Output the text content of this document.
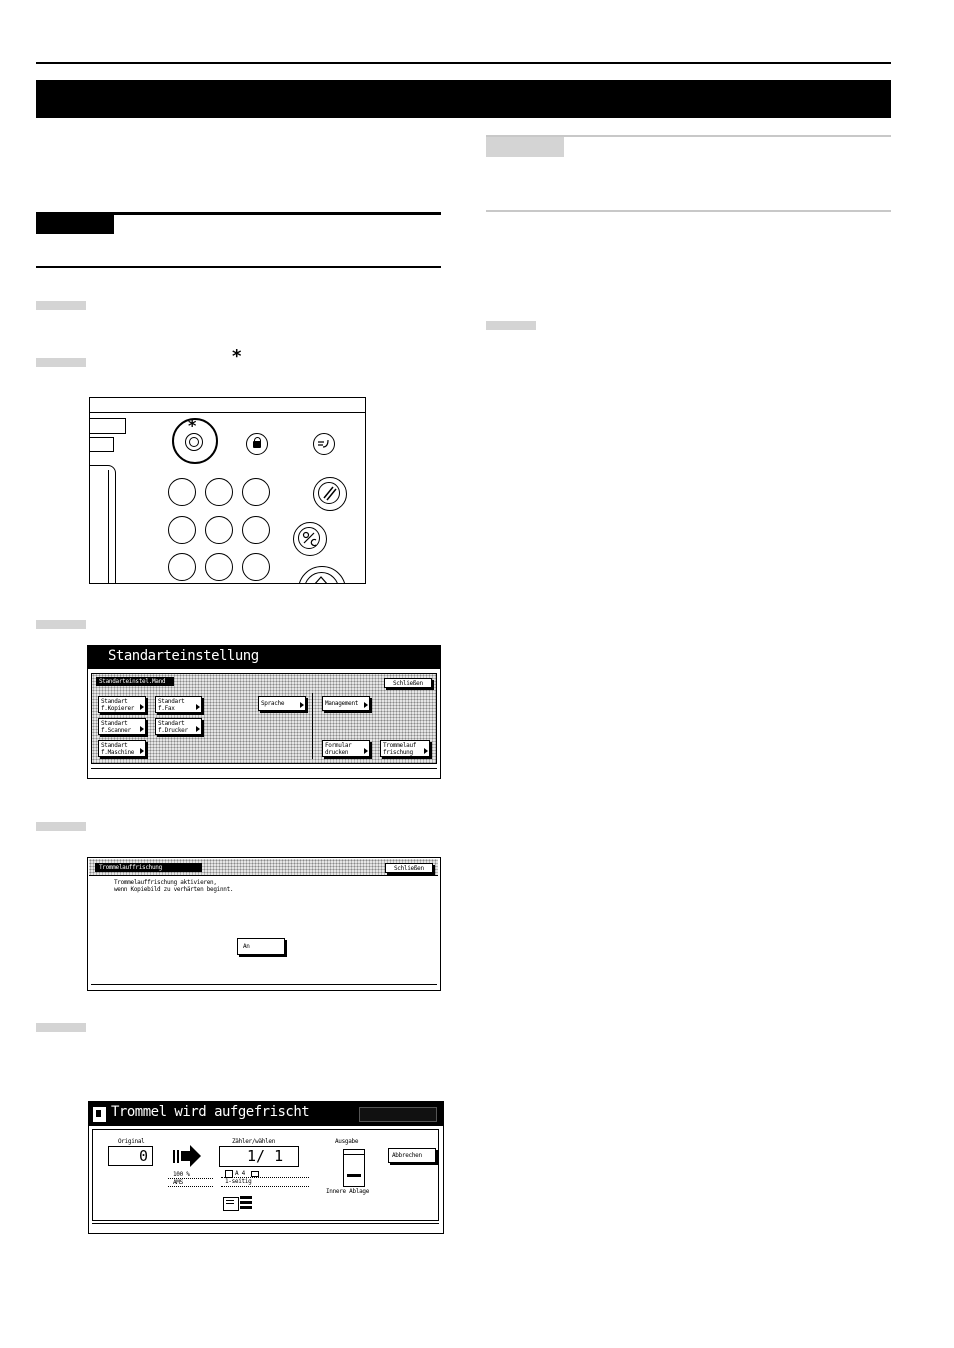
*
*
Standarteinstellung
Standarteinstel.Mand	Schließen
Standart
f.Kopierer
Standart
f.Fax
Standart
f.Scanner
Standart
f.Drucker
Standart
f.Maschine
Sprache	Management
Formular
drucken
Trommelauf
frischung
Trommelauffrischung	Schließen
Trommelauffrischung aktivieren,
wenn Kopiebild zu verhärten beginnt.
An
Trommel wird aufgefrischt
Original
0
100 %
AMS
Zähler/wählen
1/ 1
A 4
1-seitig
Ausgabe
Innere Ablage
Abbrechen
